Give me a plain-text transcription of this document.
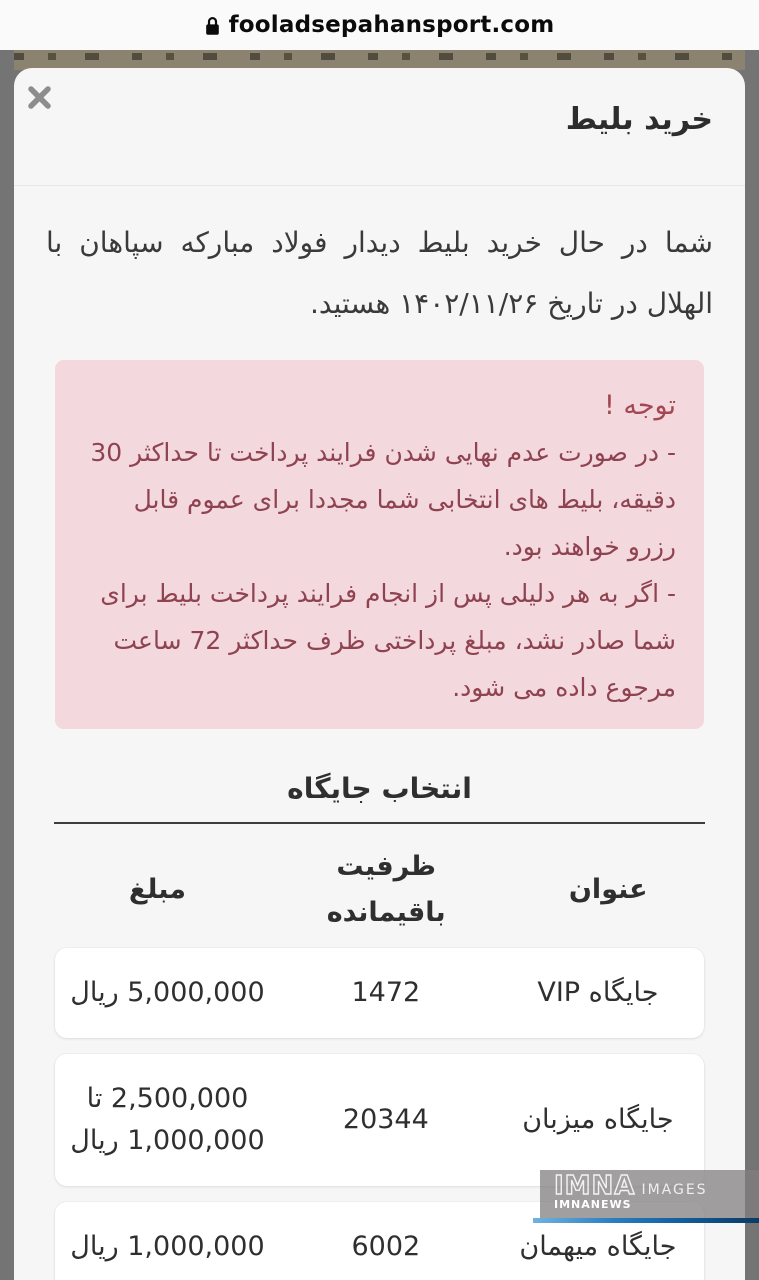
fooladsepahansport.com
خرید بلیط

شما در حال خرید بلیط دیدار فولاد مبارکه سپاهان با الهلال در تاریخ ۱۴۰۲/۱۱/۲۶ هستید.

توجه !

- در صورت عدم نهایی شدن فرایند پرداخت تا حداکثر 30 دقیقه، بلیط های انتخابی شما مجددا برای عموم قابل رزرو خواهند بود.

- اگر به هر دلیلی پس از انجام فرایند پرداخت بلیط برای شما صادر نشد، مبلغ پرداختی ظرف حداکثر 72 ساعت مرجوع داده می شود.

انتخاب جایگاه
عنوان
ظرفیت باقیمانده
مبلغ
جایگاه VIP
1472
5,000,000 ریال
جایگاه میزبان
20344
2,500,000 تا 1,000,000 ریال
جایگاه میهمان
6002
1,000,000 ریال
IMNA IMAGES
IMNANEWS
